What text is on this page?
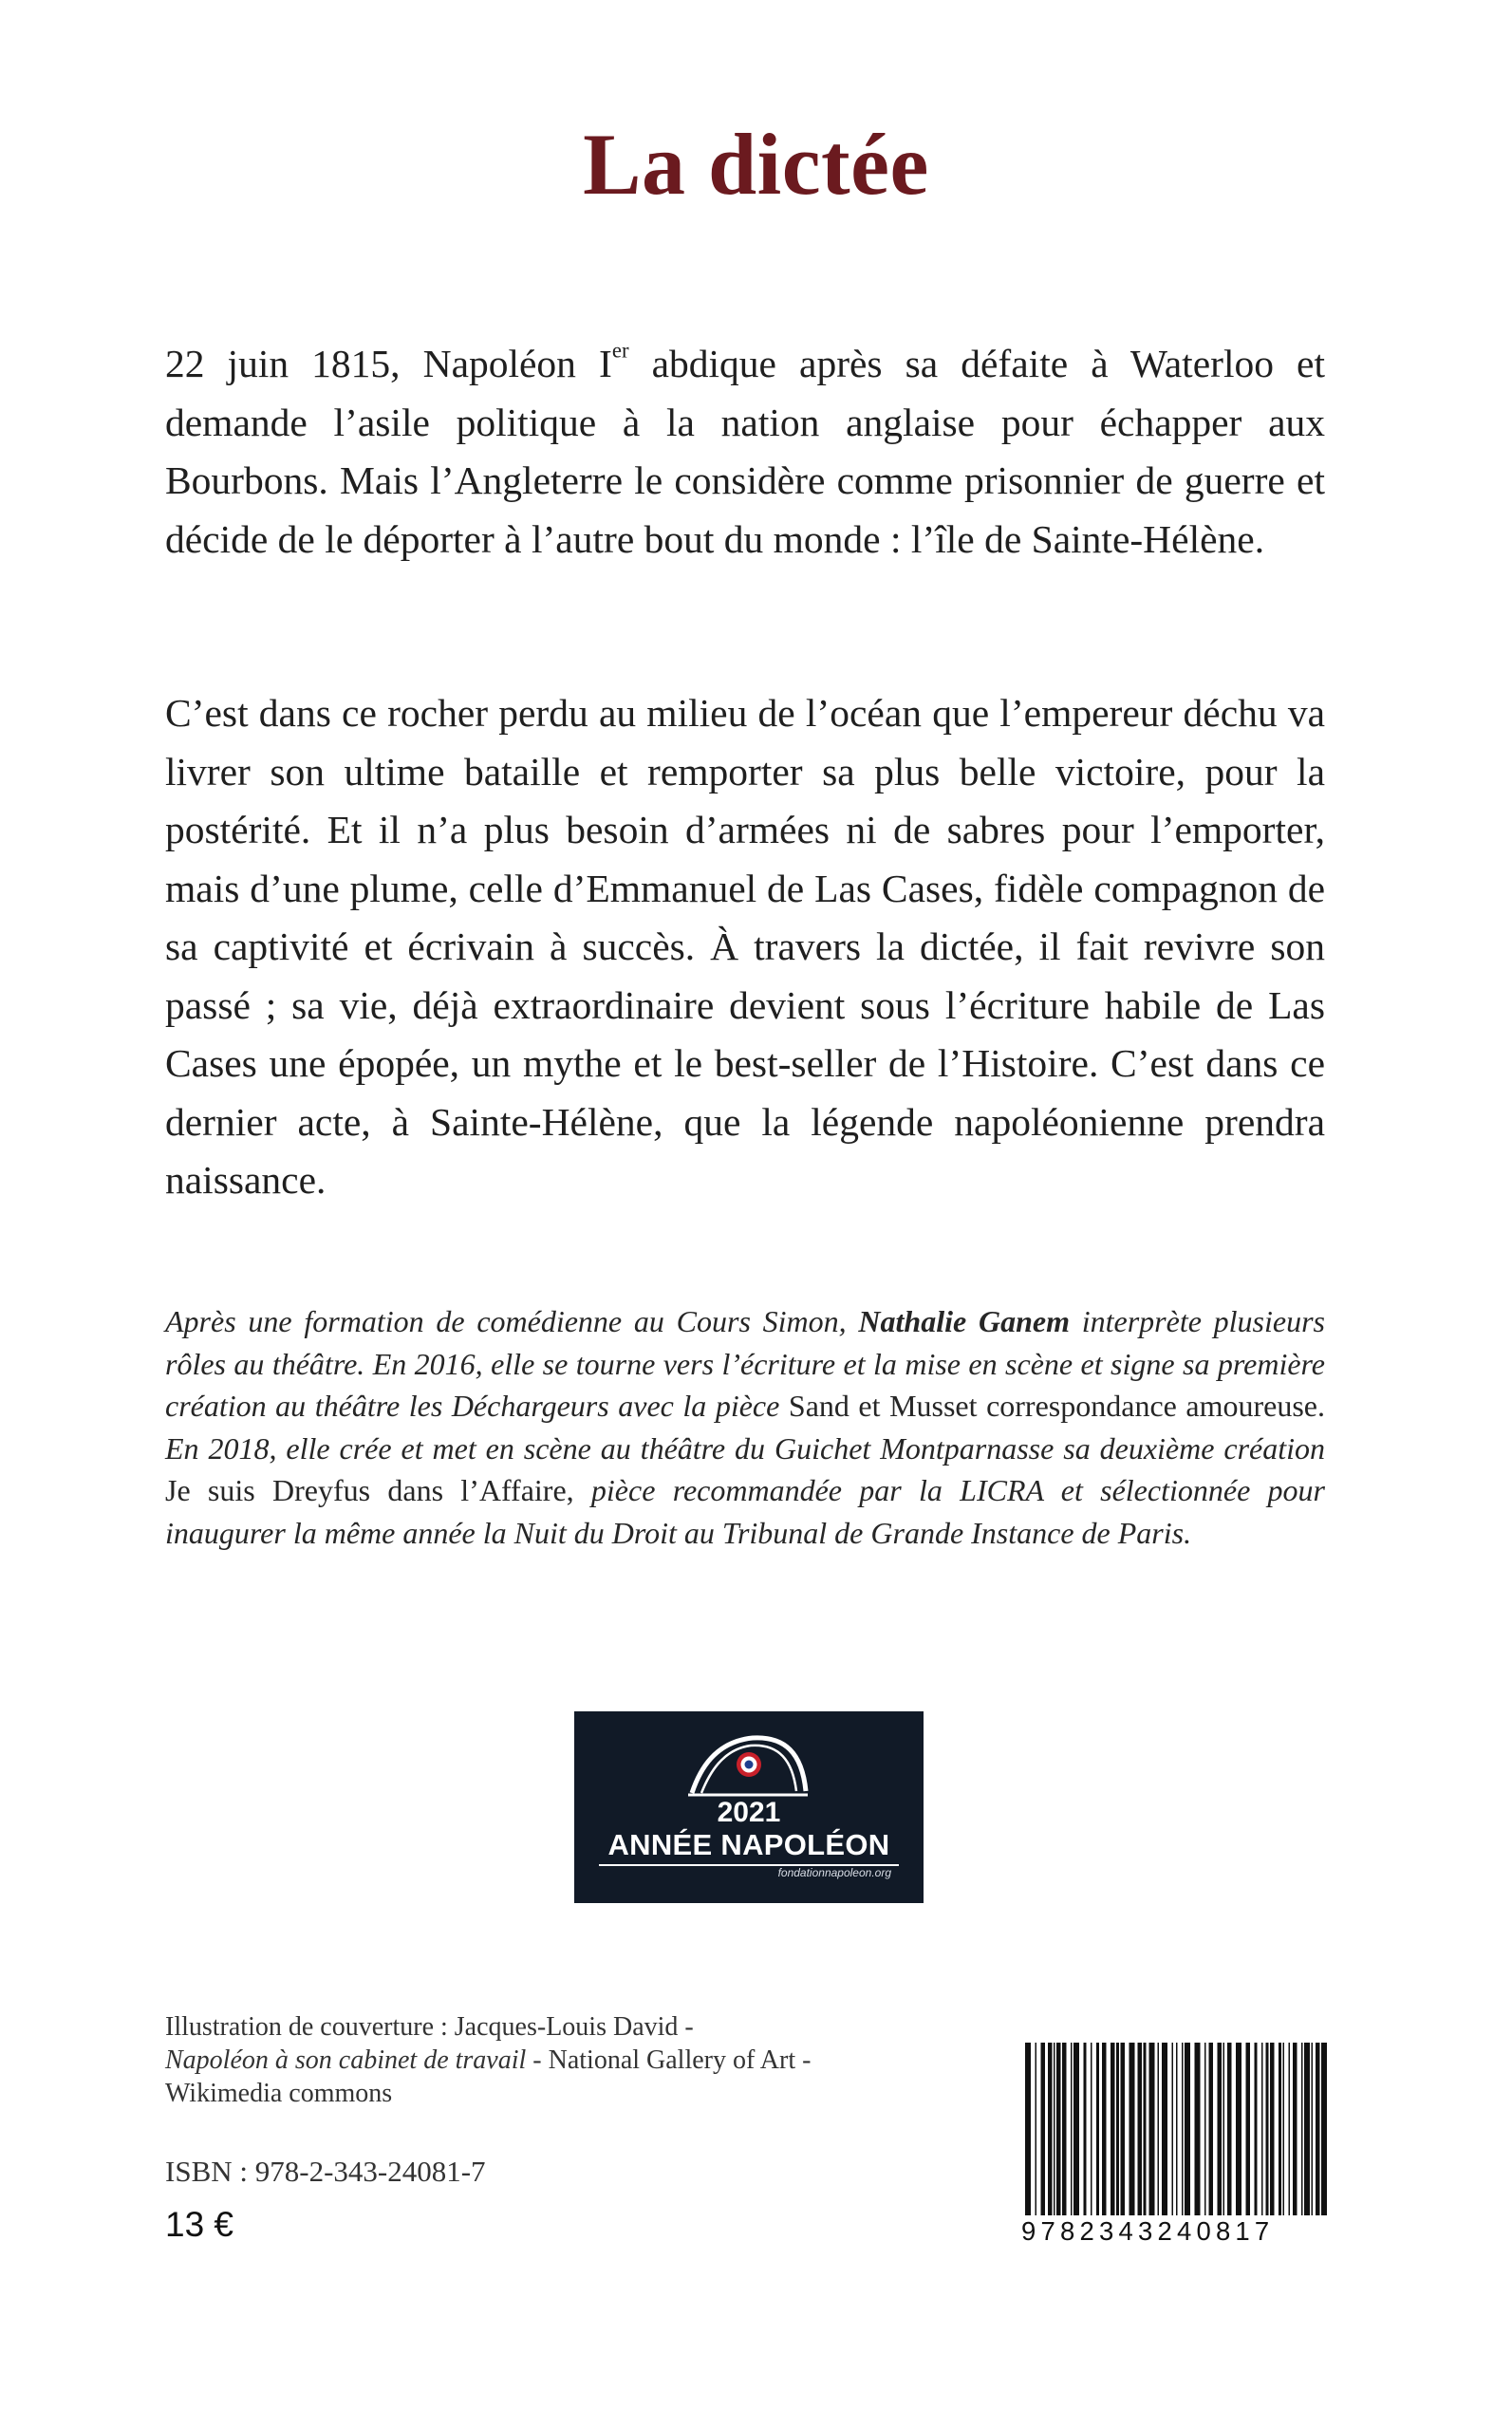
La dictée

22 juin 1815, Napoléon Ier abdique après sa défaite à Waterloo et demande l’asile politique à la nation anglaise pour échapper aux Bourbons. Mais l’Angleterre le considère comme prisonnier de guerre et décide de le déporter à l’autre bout du monde : l’île de Sainte-Hélène.

C’est dans ce rocher perdu au milieu de l’océan que l’empereur déchu va livrer son ultime bataille et remporter sa plus belle victoire, pour la postérité. Et il n’a plus besoin d’armées ni de sabres pour l’emporter, mais d’une plume, celle d’Emmanuel de Las Cases, fidèle compagnon de sa captivité et écrivain à succès. À travers la dictée, il fait revivre son passé ; sa vie, déjà extraordinaire devient sous l’écriture habile de Las Cases une épopée, un mythe et le best-seller de l’Histoire. C’est dans ce dernier acte, à Sainte-Hélène, que la légende napoléonienne prendra naissance.

Après une formation de comédienne au Cours Simon, Nathalie Ganem interprète plusieurs rôles au théâtre. En 2016, elle se tourne vers l’écriture et la mise en scène et signe sa première création au théâtre les Déchargeurs avec la pièce Sand et Musset correspondance amoureuse. En 2018, elle crée et met en scène au théâtre du Guichet Montparnasse sa deuxième création Je suis Dreyfus dans l’Affaire, pièce recommandée par la LICRA et sélectionnée pour inaugurer la même année la Nuit du Droit au Tribunal de Grande Instance de Paris.

2021
ANNÉE NAPOLÉON
fondationnapoleon.org

Illustration de couverture : Jacques-Louis David -
Napoléon à son cabinet de travail - National Gallery of Art -
Wikimedia commons

ISBN : 978-2-343-24081-7
13 €	9782343240817
